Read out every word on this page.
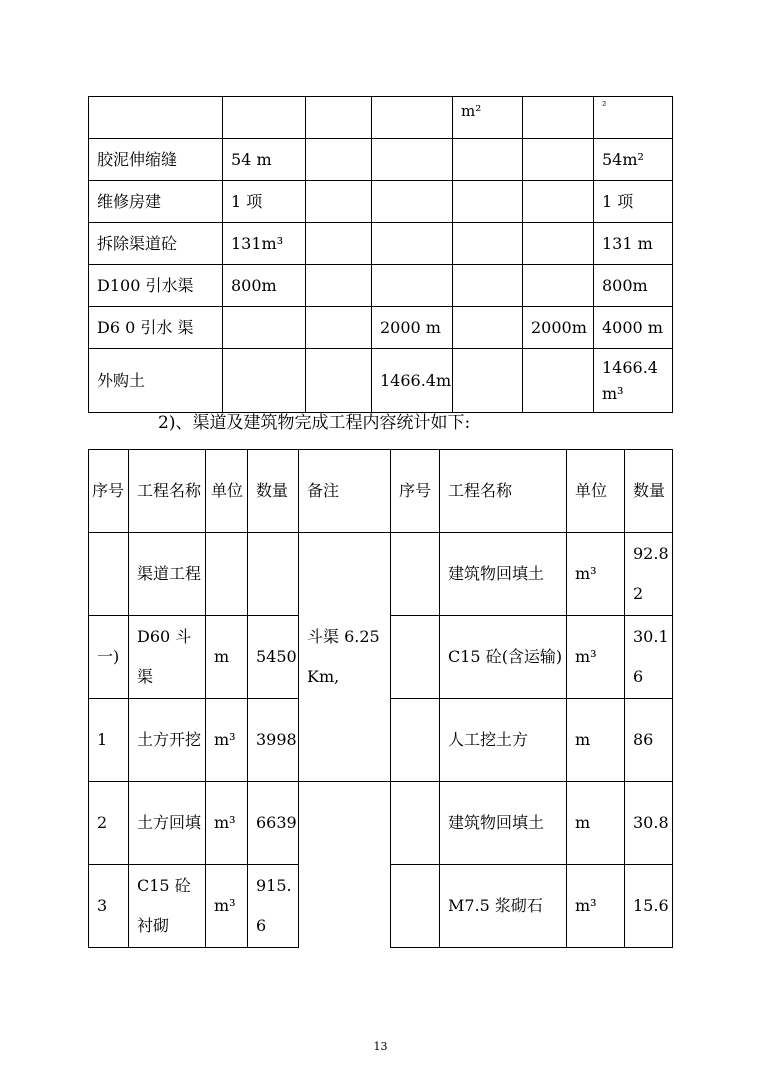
				m²		²
胶泥伸缩缝	54 m					54m²
维修房建	1 项					1 项
拆除渠道砼	131m³					131 m
D100 引水渠	800m					800m
D6 0 引水 渠			2000 m		2000m	4000 m
外购土			1466.4m			1466.4 m³
2)、渠道及建筑物完成工程内容统计如下:
序号	工程名称	单位	数量	备注	序号	工程名称	单位	数量
	渠道工程			斗渠 6.25 Km,		建筑物回填土	m³	92.82
一)	D60 斗渠	m	5450			C15 砼(含运输)	m³	30.16
1	土方开挖	m³	3998			人工挖土方	m	86
2	土方回填	m³	6639			建筑物回填土	m	30.8
3	C15 砼衬砌	m³	915.6			M7.5 浆砌石	m³	15.6
13
